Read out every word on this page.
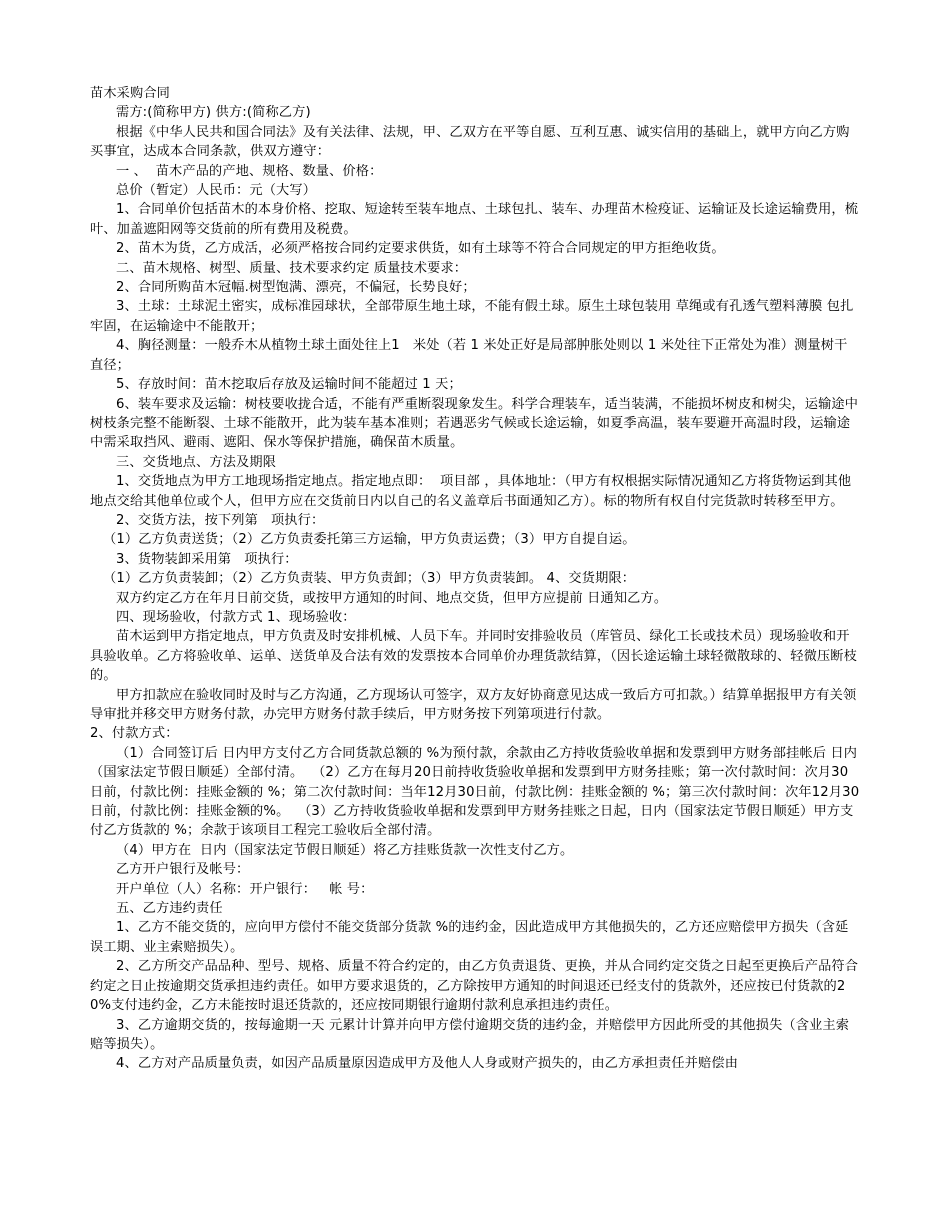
苗木采购合同

需方:(简称甲方) 供方:(简称乙方)

根据《中华人民共和国合同法》及有关法律、法规，甲、乙双方在平等自愿、互利互惠、诚实信用的基础上，就甲方向乙方购买事宜，达成本合同条款，供双方遵守：

一 、  苗木产品的产地、规格、数量、价格：

总价（暂定）人民币：元（大写）

1、合同单价包括苗木的本身价格、挖取、短途转至装车地点、土球包扎、装车、办理苗木检疫证、运输证及长途运输费用，梳叶、加盖遮阳网等交货前的所有费用及税费。

2、苗木为货，乙方成活，必须严格按合同约定要求供货，如有土球等不符合合同规定的甲方拒绝收货。

二、苗木规格、树型、质量、技术要求约定 质量技术要求：

2、合同所购苗木冠幅.树型饱满、漂亮，不偏冠，长势良好；

3、土球：土球泥土密实，成标准园球状，全部带原生地土球，不能有假土球。原生土球包装用 草绳或有孔透气塑料薄膜 包扎牢固，在运输途中不能散开；

4、胸径测量：一般乔木从植物土球土面处往上1   米处（若 1 米处正好是局部肿胀处则以 1 米处往下正常处为准）测量树干直径；

5、存放时间：苗木挖取后存放及运输时间不能超过 1 天；

6、装车要求及运输：树枝要收拢合适，不能有严重断裂现象发生。科学合理装车，适当装满，不能损坏树皮和树尖，运输途中树枝条完整不能断裂、土球不能散开，此为装车基本准则；若遇恶劣气候或长途运输，如夏季高温，装车要避开高温时段，运输途中需采取挡风、避雨、遮阳、保水等保护措施，确保苗木质量。

三、交货地点、方法及期限

1、交货地点为甲方工地现场指定地点。指定地点即：  项目部 ，具体地址：（甲方有权根据实际情况通知乙方将货物运到其他地点交给其他单位或个人，但甲方应在交货前日内以自己的名义盖章后书面通知乙方）。标的物所有权自付完货款时转移至甲方。

2、交货方法，按下列第   项执行：

（1）乙方负责送货；（2）乙方负责委托第三方运输，甲方负责运费；（3）甲方自提自运。

3、货物装卸采用第   项执行：

（1）乙方负责装卸；（2）乙方负责装、甲方负责卸；（3）甲方负责装卸。 4、交货期限：

双方约定乙方在年月日前交货，或按甲方通知的时间、地点交货，但甲方应提前 日通知乙方。

四、现场验收，付款方式 1、现场验收：

苗木运到甲方指定地点，甲方负责及时安排机械、人员下车。并同时安排验收员（库管员、绿化工长或技术员）现场验收和开具验收单。乙方将验收单、运单、送货单及合法有效的发票按本合同单价办理货款结算，（因长途运输土球轻微散球的、轻微压断枝的。

甲方扣款应在验收同时及时与乙方沟通，乙方现场认可签字，双方友好协商意见达成一致后方可扣款。）结算单据报甲方有关领导审批并移交甲方财务付款，办完甲方财务付款手续后，甲方财务按下列第项进行付款。

2、付款方式：

（1）合同签订后 日内甲方支付乙方合同货款总额的 %为预付款，余款由乙方持收货验收单据和发票到甲方财务部挂帐后 日内（国家法定节假日顺延）全部付清。  （2）乙方在每月20日前持收货验收单据和发票到甲方财务挂账；第一次付款时间：次月30日前，付款比例：挂账金额的 %；第二次付款时间：当年12月30日前，付款比例：挂账金额的 %；第三次付款时间：次年12月30日前，付款比例：挂账金额的%。  （3）乙方持收货验收单据和发票到甲方财务挂账之日起，日内（国家法定节假日顺延）甲方支付乙方货款的 %；余款于该项目工程完工验收后全部付清。

（4）甲方在  日内（国家法定节假日顺延）将乙方挂账货款一次性支付乙方。

乙方开户银行及帐号：

开户单位（人）名称：开户银行：   帐 号：

五、乙方违约责任

1、乙方不能交货的，应向甲方偿付不能交货部分货款 %的违约金，因此造成甲方其他损失的，乙方还应赔偿甲方损失（含延误工期、业主索赔损失）。

2、乙方所交产品品种、型号、规格、质量不符合约定的，由乙方负责退货、更换，并从合同约定交货之日起至更换后产品符合约定之日止按逾期交货承担违约责任。如甲方要求退货的，乙方除按甲方通知的时间退还已经支付的货款外，还应按已付货款的20%支付违约金，乙方未能按时退还货款的，还应按同期银行逾期付款利息承担违约责任。

3、乙方逾期交货的，按每逾期一天 元累计计算并向甲方偿付逾期交货的违约金，并赔偿甲方因此所受的其他损失（含业主索赔等损失）。

4、乙方对产品质量负责，如因产品质量原因造成甲方及他人人身或财产损失的，由乙方承担责任并赔偿由
